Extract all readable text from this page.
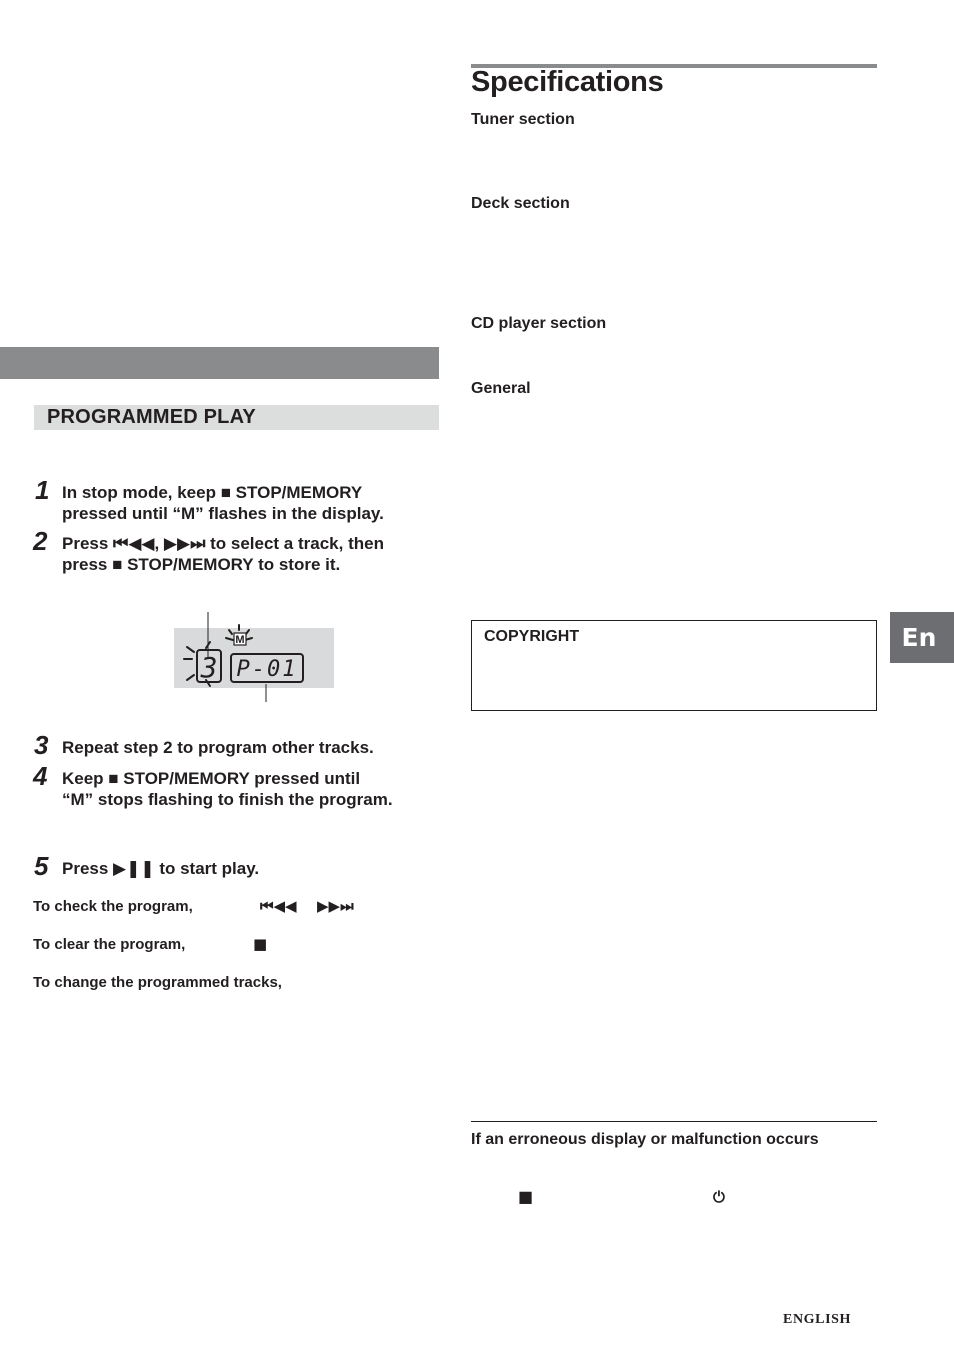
PROGRAMMED PLAY
1 In stop mode, keep ■ STOP/MEMORY
pressed until “M” flashes in the display.
2 Press ⏮◀◀, ▶▶⏭ to select a track, then
press ■ STOP/MEMORY to store it.
3 P-01
M
3 Repeat step 2 to program other tracks.
4 Keep ■ STOP/MEMORY pressed until
“M” stops flashing to finish the program.
5 Press ▶❚❚ to start play.
To check the program,	⏮◀◀ ▶▶⏭
To clear the program,	■
To change the programmed tracks,
Specifications
Tuner section
Deck section
CD player section
General
COPYRIGHT	En
If an erroneous display or malfunction occurs
■	⏻
ENGLISH
